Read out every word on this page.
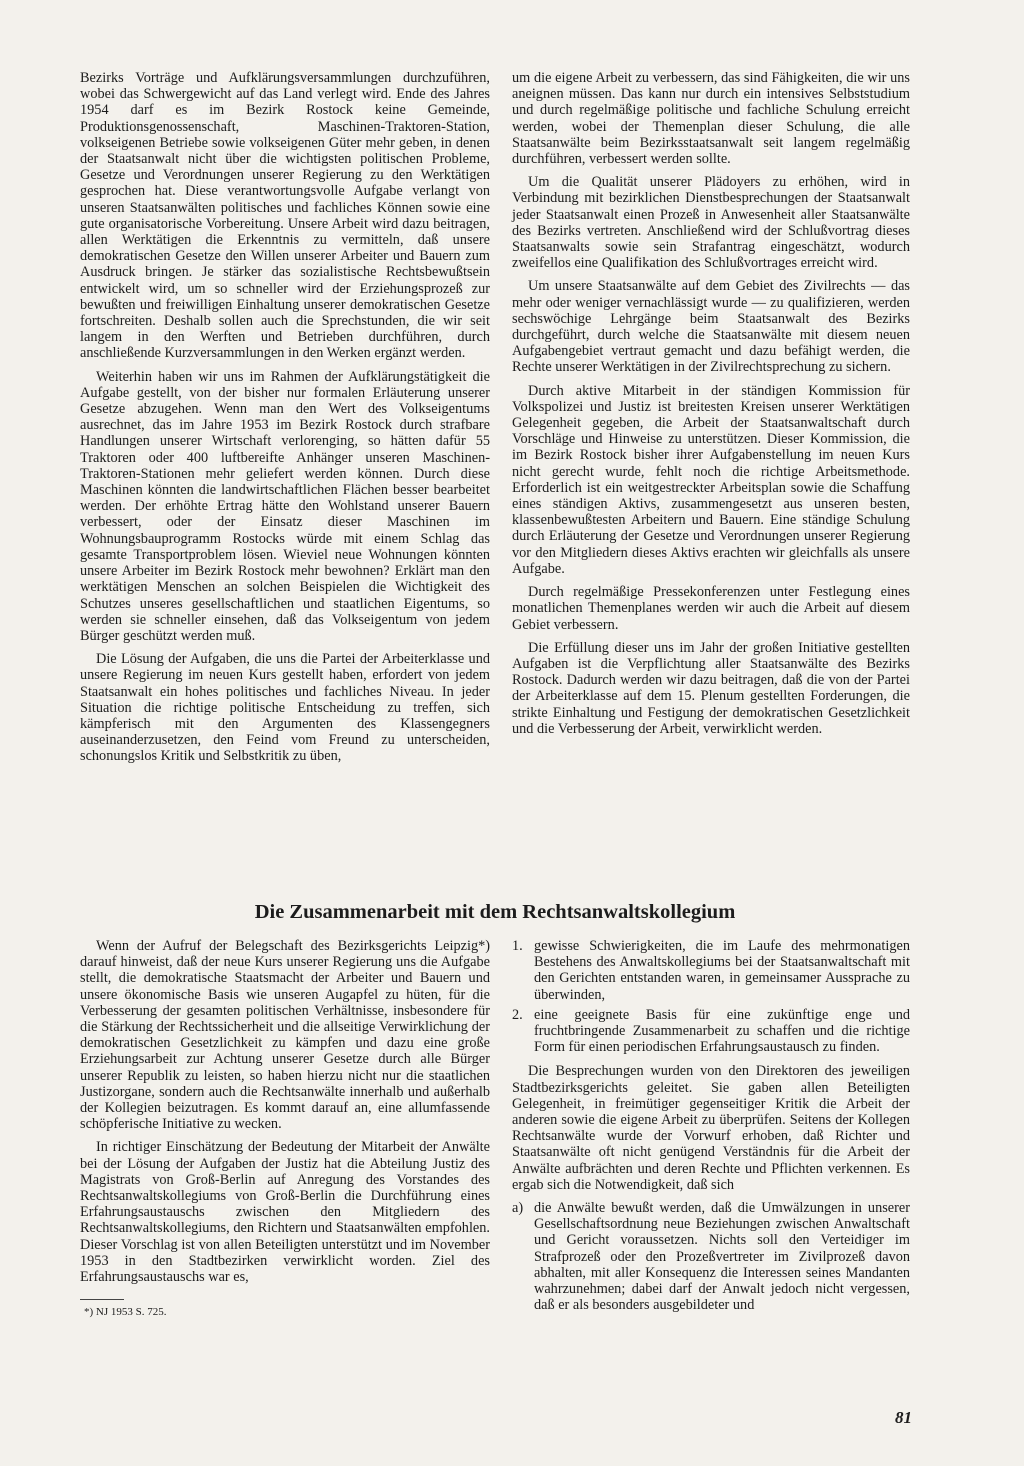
Bezirks Vorträge und Aufklärungsversammlungen durchzuführen, wobei das Schwergewicht auf das Land verlegt wird. Ende des Jahres 1954 darf es im Bezirk Rostock keine Gemeinde, Produktionsgenossenschaft, Maschinen-Traktoren-Station, volkseigenen Betriebe sowie volkseigenen Güter mehr geben, in denen der Staatsanwalt nicht über die wichtigsten politischen Probleme, Gesetze und Verordnungen unserer Regierung zu den Werktätigen gesprochen hat. Diese verantwortungsvolle Aufgabe verlangt von unseren Staatsanwälten politisches und fachliches Können sowie eine gute organisatorische Vorbereitung. Unsere Arbeit wird dazu beitragen, allen Werktätigen die Erkenntnis zu vermitteln, daß unsere demokratischen Gesetze den Willen unserer Arbeiter und Bauern zum Ausdruck bringen. Je stärker das sozialistische Rechtsbewußtsein entwickelt wird, um so schneller wird der Erziehungsprozeß zur bewußten und freiwilligen Einhaltung unserer demokratischen Gesetze fortschreiten. Deshalb sollen auch die Sprechstunden, die wir seit langem in den Werften und Betrieben durchführen, durch anschließende Kurzversammlungen in den Werken ergänzt werden.

Weiterhin haben wir uns im Rahmen der Aufklärungstätigkeit die Aufgabe gestellt, von der bisher nur formalen Erläuterung unserer Gesetze abzugehen. Wenn man den Wert des Volkseigentums ausrechnet, das im Jahre 1953 im Bezirk Rostock durch strafbare Handlungen unserer Wirtschaft verlorenging, so hätten dafür 55 Traktoren oder 400 luftbereifte Anhänger unseren Maschinen-Traktoren-Stationen mehr geliefert werden können. Durch diese Maschinen könnten die landwirtschaftlichen Flächen besser bearbeitet werden. Der erhöhte Ertrag hätte den Wohlstand unserer Bauern verbessert, oder der Einsatz dieser Maschinen im Wohnungsbauprogramm Rostocks würde mit einem Schlag das gesamte Transportproblem lösen. Wieviel neue Wohnungen könnten unsere Arbeiter im Bezirk Rostock mehr bewohnen? Erklärt man den werktätigen Menschen an solchen Beispielen die Wichtigkeit des Schutzes unseres gesellschaftlichen und staatlichen Eigentums, so werden sie schneller einsehen, daß das Volkseigentum von jedem Bürger geschützt werden muß.

Die Lösung der Aufgaben, die uns die Partei der Arbeiterklasse und unsere Regierung im neuen Kurs gestellt haben, erfordert von jedem Staatsanwalt ein hohes politisches und fachliches Niveau. In jeder Situation die richtige politische Entscheidung zu treffen, sich kämpferisch mit den Argumenten des Klassengegners auseinanderzusetzen, den Feind vom Freund zu unterscheiden, schonungslos Kritik und Selbstkritik zu üben,

um die eigene Arbeit zu verbessern, das sind Fähigkeiten, die wir uns aneignen müssen. Das kann nur durch ein intensives Selbststudium und durch regelmäßige politische und fachliche Schulung erreicht werden, wobei der Themenplan dieser Schulung, die alle Staatsanwälte beim Bezirksstaatsanwalt seit langem regelmäßig durchführen, verbessert werden sollte.

Um die Qualität unserer Plädoyers zu erhöhen, wird in Verbindung mit bezirklichen Dienstbesprechungen der Staatsanwalt jeder Staatsanwalt einen Prozeß in Anwesenheit aller Staatsanwälte des Bezirks vertreten. Anschließend wird der Schlußvortrag dieses Staatsanwalts sowie sein Strafantrag eingeschätzt, wodurch zweifellos eine Qualifikation des Schlußvortrages erreicht wird.

Um unsere Staatsanwälte auf dem Gebiet des Zivilrechts — das mehr oder weniger vernachlässigt wurde — zu qualifizieren, werden sechswöchige Lehrgänge beim Staatsanwalt des Bezirks durchgeführt, durch welche die Staatsanwälte mit diesem neuen Aufgabengebiet vertraut gemacht und dazu befähigt werden, die Rechte unserer Werktätigen in der Zivilrechtsprechung zu sichern.

Durch aktive Mitarbeit in der ständigen Kommission für Volkspolizei und Justiz ist breitesten Kreisen unserer Werktätigen Gelegenheit gegeben, die Arbeit der Staatsanwaltschaft durch Vorschläge und Hinweise zu unterstützen. Dieser Kommission, die im Bezirk Rostock bisher ihrer Aufgabenstellung im neuen Kurs nicht gerecht wurde, fehlt noch die richtige Arbeitsmethode. Erforderlich ist ein weitgestreckter Arbeitsplan sowie die Schaffung eines ständigen Aktivs, zusammengesetzt aus unseren besten, klassenbewußtesten Arbeitern und Bauern. Eine ständige Schulung durch Erläuterung der Gesetze und Verordnungen unserer Regierung vor den Mitgliedern dieses Aktivs erachten wir gleichfalls als unsere Aufgabe.

Durch regelmäßige Pressekonferenzen unter Festlegung eines monatlichen Themenplanes werden wir auch die Arbeit auf diesem Gebiet verbessern.

Die Erfüllung dieser uns im Jahr der großen Initiative gestellten Aufgaben ist die Verpflichtung aller Staatsanwälte des Bezirks Rostock. Dadurch werden wir dazu beitragen, daß die von der Partei der Arbeiterklasse auf dem 15. Plenum gestellten Forderungen, die strikte Einhaltung und Festigung der demokratischen Gesetzlichkeit und die Verbesserung der Arbeit, verwirklicht werden.

Die Zusammenarbeit mit dem Rechtsanwaltskollegium

Wenn der Aufruf der Belegschaft des Bezirksgerichts Leipzig*) darauf hinweist, daß der neue Kurs unserer Regierung uns die Aufgabe stellt, die demokratische Staatsmacht der Arbeiter und Bauern und unsere ökonomische Basis wie unseren Augapfel zu hüten, für die Verbesserung der gesamten politischen Verhältnisse, insbesondere für die Stärkung der Rechtssicherheit und die allseitige Verwirklichung der demokratischen Gesetzlichkeit zu kämpfen und dazu eine große Erziehungsarbeit zur Achtung unserer Gesetze durch alle Bürger unserer Republik zu leisten, so haben hierzu nicht nur die staatlichen Justizorgane, sondern auch die Rechtsanwälte innerhalb und außerhalb der Kollegien beizutragen. Es kommt darauf an, eine allumfassende schöpferische Initiative zu wecken.

In richtiger Einschätzung der Bedeutung der Mitarbeit der Anwälte bei der Lösung der Aufgaben der Justiz hat die Abteilung Justiz des Magistrats von Groß-Berlin auf Anregung des Vorstandes des Rechtsanwaltskollegiums von Groß-Berlin die Durchführung eines Erfahrungsaustauschs zwischen den Mitgliedern des Rechtsanwaltskollegiums, den Richtern und Staatsanwälten empfohlen. Dieser Vorschlag ist von allen Beteiligten unterstützt und im November 1953 in den Stadtbezirken verwirklicht worden. Ziel des Erfahrungsaustauschs war es,

*) NJ 1953 S. 725.
1. gewisse Schwierigkeiten, die im Laufe des mehrmonatigen Bestehens des Anwaltskollegiums bei der Staatsanwaltschaft mit den Gerichten entstanden waren, in gemeinsamer Aussprache zu überwinden,
2. eine geeignete Basis für eine zukünftige enge und fruchtbringende Zusammenarbeit zu schaffen und die richtige Form für einen periodischen Erfahrungsaustausch zu finden.

Die Besprechungen wurden von den Direktoren des jeweiligen Stadtbezirksgerichts geleitet. Sie gaben allen Beteiligten Gelegenheit, in freimütiger gegenseitiger Kritik die Arbeit der anderen sowie die eigene Arbeit zu überprüfen. Seitens der Kollegen Rechtsanwälte wurde der Vorwurf erhoben, daß Richter und Staatsanwälte oft nicht genügend Verständnis für die Arbeit der Anwälte aufbrächten und deren Rechte und Pflichten verkennen. Es ergab sich die Notwendigkeit, daß sich

a) die Anwälte bewußt werden, daß die Umwälzungen in unserer Gesellschaftsordnung neue Beziehungen zwischen Anwaltschaft und Gericht voraussetzen. Nichts soll den Verteidiger im Strafprozeß oder den Prozeßvertreter im Zivilprozeß davon abhalten, mit aller Konsequenz die Interessen seines Mandanten wahrzunehmen; dabei darf der Anwalt jedoch nicht vergessen, daß er als besonders ausgebildeter und
81
